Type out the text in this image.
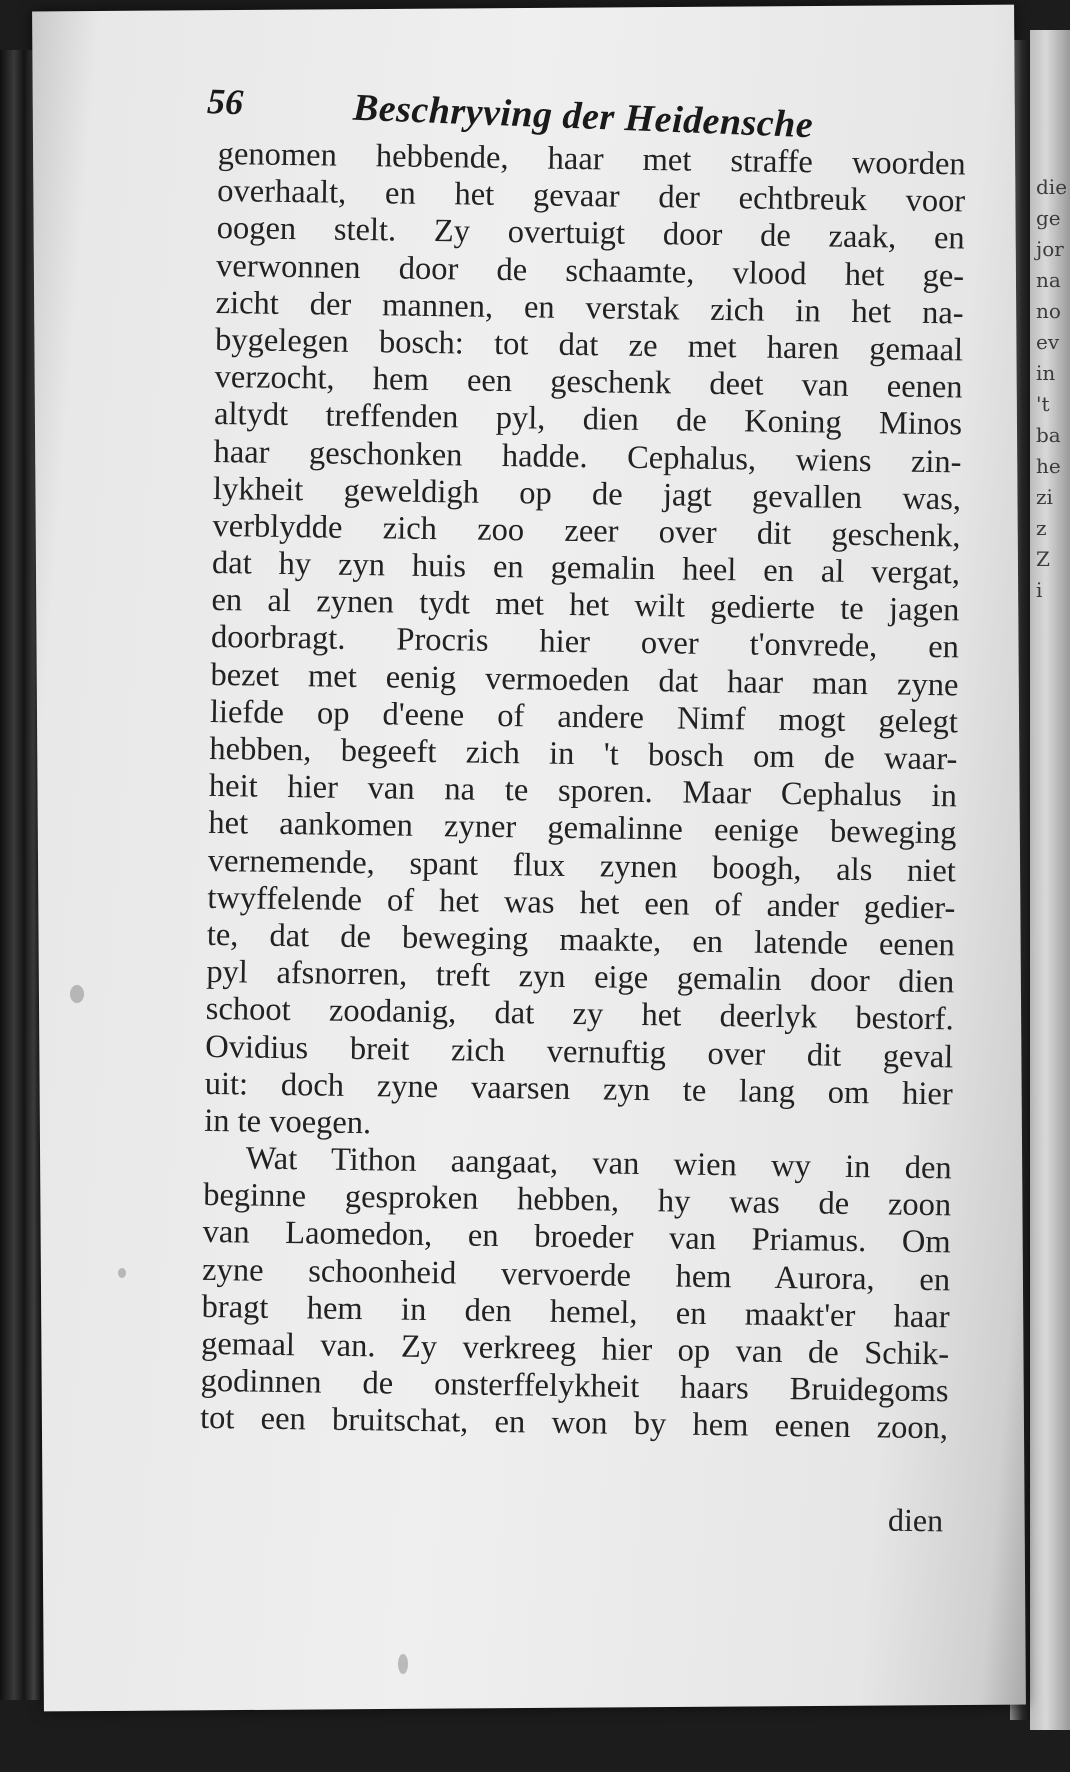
die
ge
jor
na
no
ev
in
't
ba
he
zi
z
Z
i
56	Beschryving der Heidensche
genomen hebbende, haar met straffe woorden
overhaalt, en het gevaar der echtbreuk voor
oogen stelt. Zy overtuigt door de zaak, en
verwonnen door de schaamte, vlood het ge-
zicht der mannen, en verstak zich in het na-
bygelegen bosch: tot dat ze met haren gemaal
verzocht, hem een geschenk deet van eenen
altydt treffenden pyl, dien de Koning Minos
haar geschonken hadde. Cephalus, wiens zin-
lykheit geweldigh op de jagt gevallen was,
verblydde zich zoo zeer over dit geschenk,
dat hy zyn huis en gemalin heel en al vergat,
en al zynen tydt met het wilt gedierte te jagen
doorbragt. Procris hier over t'onvrede, en
bezet met eenig vermoeden dat haar man zyne
liefde op d'eene of andere Nimf mogt gelegt
hebben, begeeft zich in 't bosch om de waar-
heit hier van na te sporen. Maar Cephalus in
het aankomen zyner gemalinne eenige beweging
vernemende, spant flux zynen boogh, als niet
twyffelende of het was het een of ander gedier-
te, dat de beweging maakte, en latende eenen
pyl afsnorren, treft zyn eige gemalin door dien
schoot zoodanig, dat zy het deerlyk bestorf.
Ovidius breit zich vernuftig over dit geval
uit: doch zyne vaarsen zyn te lang om hier
in te voegen.
Wat Tithon aangaat, van wien wy in den
beginne gesproken hebben, hy was de zoon
van Laomedon, en broeder van Priamus. Om
zyne schoonheid vervoerde hem Aurora, en
bragt hem in den hemel, en maakt'er haar
gemaal van. Zy verkreeg hier op van de Schik-
godinnen de onsterffelykheit haars Bruidegoms
tot een bruitschat, en won by hem eenen zoon,
dien
